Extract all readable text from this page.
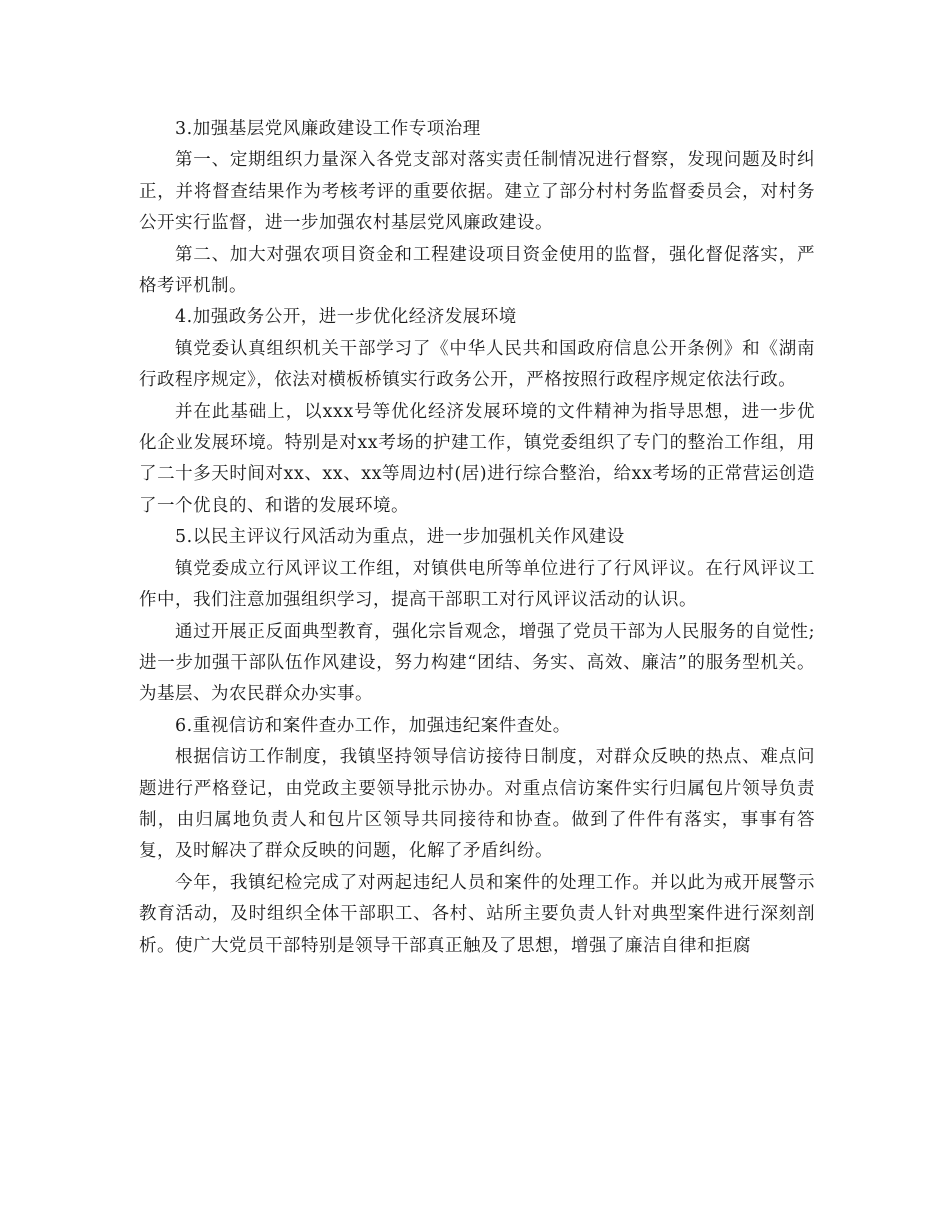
3.加强基层党风廉政建设工作专项治理

第一、定期组织力量深入各党支部对落实责任制情况进行督察，发现问题及时纠正，并将督查结果作为考核考评的重要依据。建立了部分村村务监督委员会，对村务公开实行监督，进一步加强农村基层党风廉政建设。

第二、加大对强农项目资金和工程建设项目资金使用的监督，强化督促落实，严格考评机制。

4.加强政务公开，进一步优化经济发展环境

镇党委认真组织机关干部学习了《中华人民共和国政府信息公开条例》和《湖南行政程序规定》，依法对横板桥镇实行政务公开，严格按照行政程序规定依法行政。

并在此基础上，以xxx号等优化经济发展环境的文件精神为指导思想，进一步优化企业发展环境。特别是对xx考场的护建工作，镇党委组织了专门的整治工作组，用了二十多天时间对xx、xx、xx等周边村(居)进行综合整治，给xx考场的正常营运创造了一个优良的、和谐的发展环境。

5.以民主评议行风活动为重点，进一步加强机关作风建设

镇党委成立行风评议工作组，对镇供电所等单位进行了行风评议。在行风评议工作中，我们注意加强组织学习，提高干部职工对行风评议活动的认识。

通过开展正反面典型教育，强化宗旨观念，增强了党员干部为人民服务的自觉性;进一步加强干部队伍作风建设，努力构建“团结、务实、高效、廉洁”的服务型机关。为基层、为农民群众办实事。

6.重视信访和案件查办工作，加强违纪案件查处。

根据信访工作制度，我镇坚持领导信访接待日制度，对群众反映的热点、难点问题进行严格登记，由党政主要领导批示协办。对重点信访案件实行归属包片领导负责制，由归属地负责人和包片区领导共同接待和协查。做到了件件有落实，事事有答复，及时解决了群众反映的问题，化解了矛盾纠纷。

今年，我镇纪检完成了对两起违纪人员和案件的处理工作。并以此为戒开展警示教育活动，及时组织全体干部职工、各村、站所主要负责人针对典型案件进行深刻剖析。使广大党员干部特别是领导干部真正触及了思想，增强了廉洁自律和拒腐
